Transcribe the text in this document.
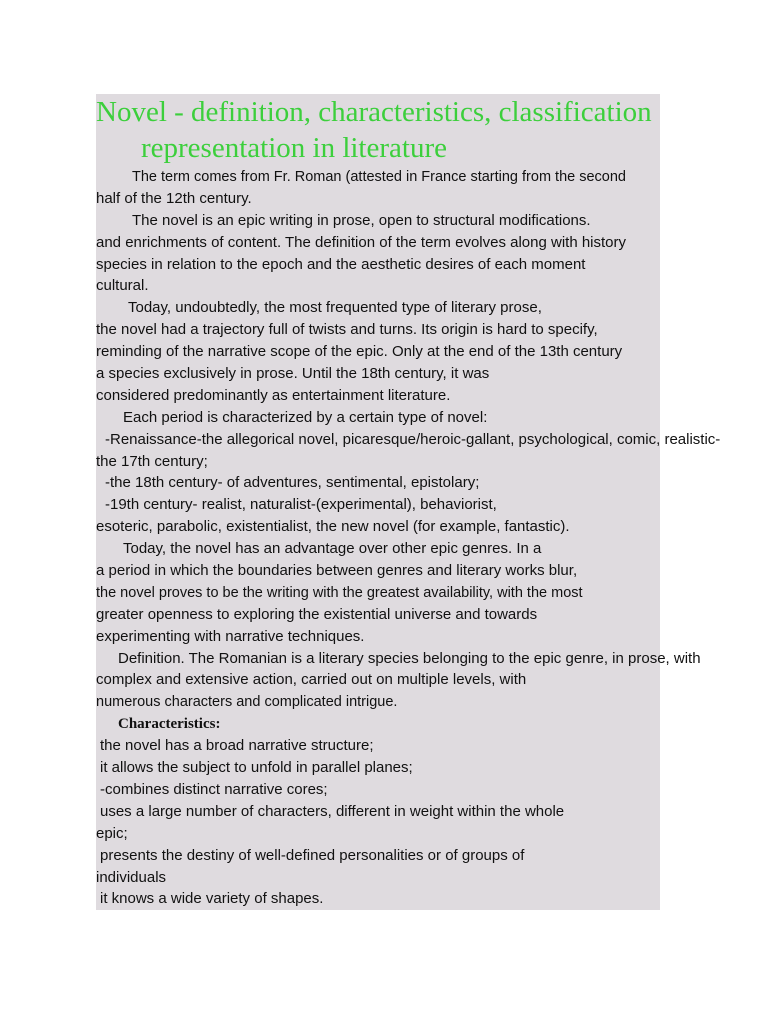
Novel - definition, characteristics, classification
representation in literature
The term comes from Fr. Roman (attested in France starting from the second
half of the 12th century.
The novel is an epic writing in prose, open to structural modifications.
and enrichments of content. The definition of the term evolves along with history
species in relation to the epoch and the aesthetic desires of each moment
cultural.
Today, undoubtedly, the most frequented type of literary prose,
the novel had a trajectory full of twists and turns. Its origin is hard to specify,
reminding of the narrative scope of the epic. Only at the end of the 13th century
a species exclusively in prose. Until the 18th century, it was
considered predominantly as entertainment literature.
Each period is characterized by a certain type of novel:
-Renaissance-the allegorical novel, picaresque/heroic-gallant, psychological, comic, realistic-
the 17th century;
-the 18th century- of adventures, sentimental, epistolary;
-19th century- realist, naturalist-(experimental), behaviorist,
esoteric, parabolic, existentialist, the new novel (for example, fantastic).
Today, the novel has an advantage over other epic genres. In a
a period in which the boundaries between genres and literary works blur,
the novel proves to be the writing with the greatest availability, with the most
greater openness to exploring the existential universe and towards
experimenting with narrative techniques.
Definition. The Romanian is a literary species belonging to the epic genre, in prose, with
complex and extensive action, carried out on multiple levels, with
numerous characters and complicated intrigue.
Characteristics:
the novel has a broad narrative structure;
it allows the subject to unfold in parallel planes;
-combines distinct narrative cores;
uses a large number of characters, different in weight within the whole
epic;
presents the destiny of well-defined personalities or of groups of
individuals
it knows a wide variety of shapes.
